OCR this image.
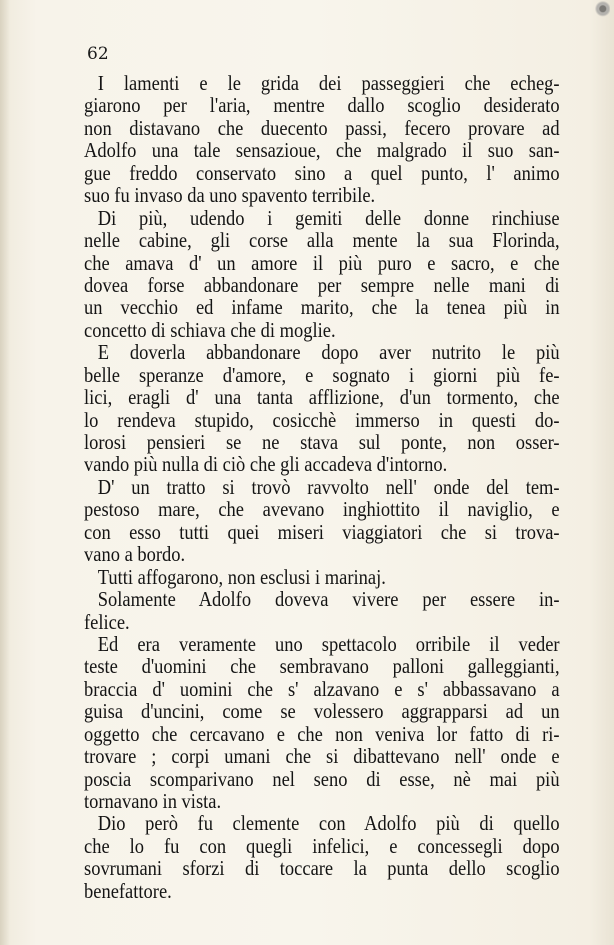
62
I lamenti e le grida dei passeggieri che echeg-
giarono per l'aria, mentre dallo scoglio desiderato
non distavano che duecento passi, fecero provare ad
Adolfo una tale sensazioue, che malgrado il suo san-
gue freddo conservato sino a quel punto, l' animo
suo fu invaso da uno spavento terribile.
Di più, udendo i gemiti delle donne rinchiuse
nelle cabine, gli corse alla mente la sua Florinda,
che amava d' un amore il più puro e sacro, e che
dovea forse abbandonare per sempre nelle mani di
un vecchio ed infame marito, che la tenea più in
concetto di schiava che di moglie.
E doverla abbandonare dopo aver nutrito le più
belle speranze d'amore, e sognato i giorni più fe-
lici, eragli d' una tanta afflizione, d'un tormento, che
lo rendeva stupido, cosicchè immerso in questi do-
lorosi pensieri se ne stava sul ponte, non osser-
vando più nulla di ciò che gli accadeva d'intorno.
D' un tratto si trovò ravvolto nell' onde del tem-
pestoso mare, che avevano inghiottito il naviglio, e
con esso tutti quei miseri viaggiatori che si trova-
vano a bordo.
Tutti affogarono, non esclusi i marinaj.
Solamente Adolfo doveva vivere per essere in-
felice.
Ed era veramente uno spettacolo orribile il veder
teste d'uomini che sembravano palloni galleggianti,
braccia d' uomini che s' alzavano e s' abbassavano a
guisa d'uncini, come se volessero aggrapparsi ad un
oggetto che cercavano e che non veniva lor fatto di ri-
trovare ; corpi umani che si dibattevano nell' onde e
poscia scomparivano nel seno di esse, nè mai più
tornavano in vista.
Dio però fu clemente con Adolfo più di quello
che lo fu con quegli infelici, e concessegli dopo
sovrumani sforzi di toccare la punta dello scoglio
benefattore.
